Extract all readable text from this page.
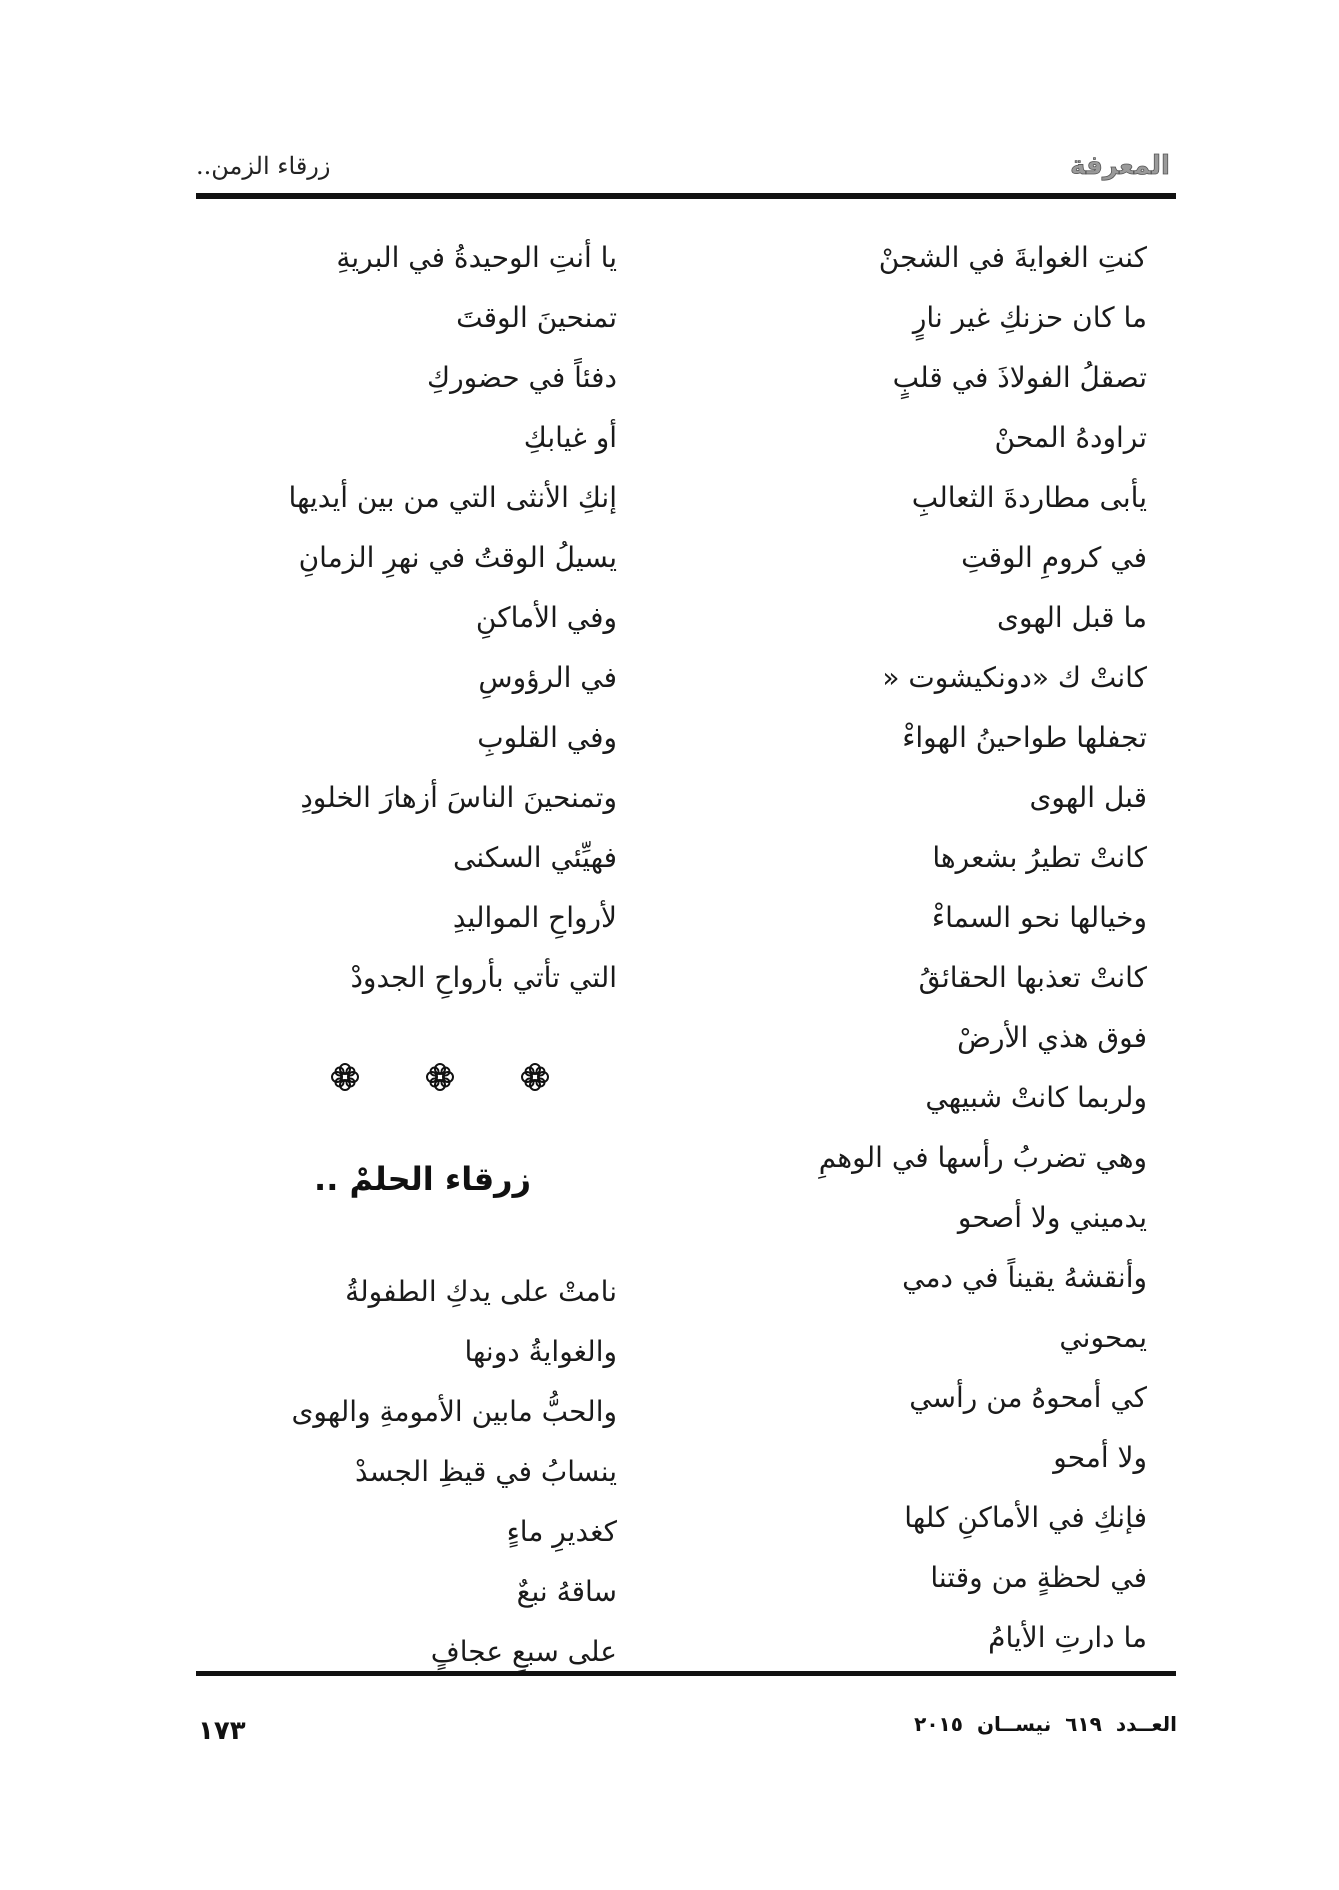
المعرفة
زرقاء الزمن..
كنتِ الغوايةَ في الشجنْ
ما كان حزنكِ غير نارٍ
تصقلُ الفولاذَ في قلبٍ
تراودهُ المحنْ
يأبى مطاردةَ الثعالبِ
في كرومِ الوقتِ
ما قبل الهوى
كانتْ ك «دونكيشوت «
تجفلها طواحينُ الهواءْ
قبل الهوى
كانتْ تطيرُ بشعرها
وخيالها نحو السماءْ
كانتْ تعذبها الحقائقُ
فوق هذي الأرضْ
ولربما كانتْ شبيهي
وهي تضربُ رأسها في الوهمِ
يدميني ولا أصحو
وأنقشهُ يقيناً في دمي
يمحوني
كي أمحوهُ من رأسي
ولا أمحو
فإنكِ في الأماكنِ كلها
في لحظةٍ من وقتنا
ما دارتِ الأيامُ
يا أنتِ الوحيدةُ في البريةِ
تمنحينَ الوقتَ
دفئاً في حضوركِ
أو غيابكِ
إنكِ الأنثى التي من بين أيديها
يسيلُ الوقتُ في نهرِ الزمانِ
وفي الأماكنِ
في الرؤوسِ
وفي القلوبِ
وتمنحينَ الناسَ أزهارَ الخلودِ
فهيِّئي السكنى
لأرواحِ المواليدِ
التي تأتي بأرواحِ الجدودْ
زرقاء الحلمْ ..
نامتْ على يدكِ الطفولةُ
والغوايةُ دونها
والحبُّ مابين الأمومةِ والهوى
ينسابُ في قيظِ الجسدْ
كغديرِ ماءٍ
ساقهُ نبعٌ
على سبعٍ عجافٍ
العــدد
٦١٩
نيســان
٢٠١٥
١٧٣
